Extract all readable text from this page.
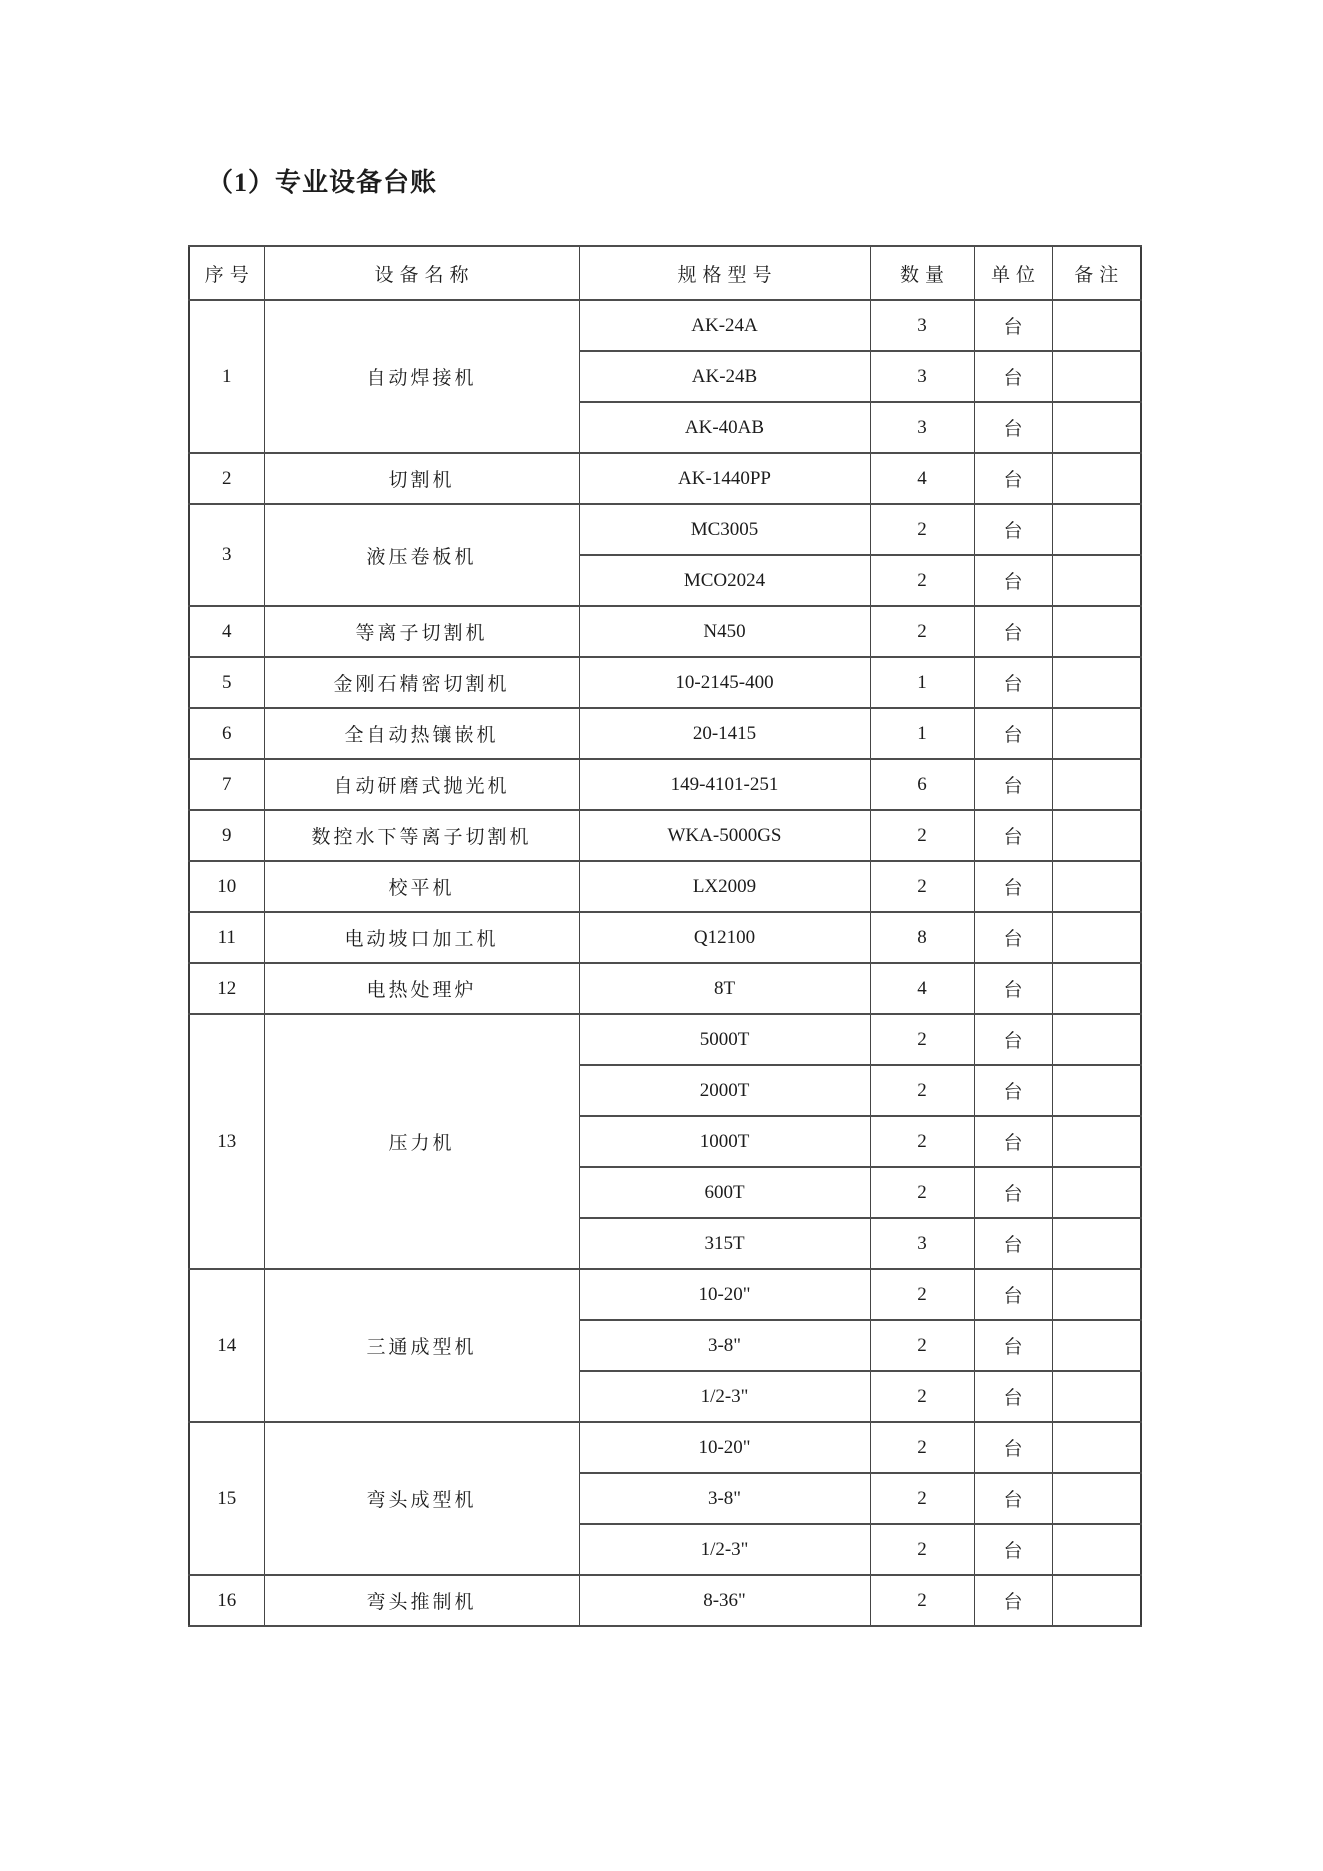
（1）专业设备台账
序号	设备名称	规格型号	数量	单位	备注
1	自动焊接机	AK-24A	3	台	
		AK-24B	3	台	
		AK-40AB	3	台	
2	切割机	AK-1440PP	4	台	
3	液压卷板机	MC3005	2	台	
		MCO2024	2	台	
4	等离子切割机	N450	2	台	
5	金刚石精密切割机	10-2145-400	1	台	
6	全自动热镶嵌机	20-1415	1	台	
7	自动研磨式抛光机	149-4101-251	6	台	
9	数控水下等离子切割机	WKA-5000GS	2	台	
10	校平机	LX2009	2	台	
11	电动坡口加工机	Q12100	8	台	
12	电热处理炉	8T	4	台	
13	压力机	5000T	2	台	
		2000T	2	台	
		1000T	2	台	
		600T	2	台	
		315T	3	台	
14	三通成型机	10-20"	2	台	
		3-8"	2	台	
		1/2-3"	2	台	
15	弯头成型机	10-20"	2	台	
		3-8"	2	台	
		1/2-3"	2	台	
16	弯头推制机	8-36"	2	台	
